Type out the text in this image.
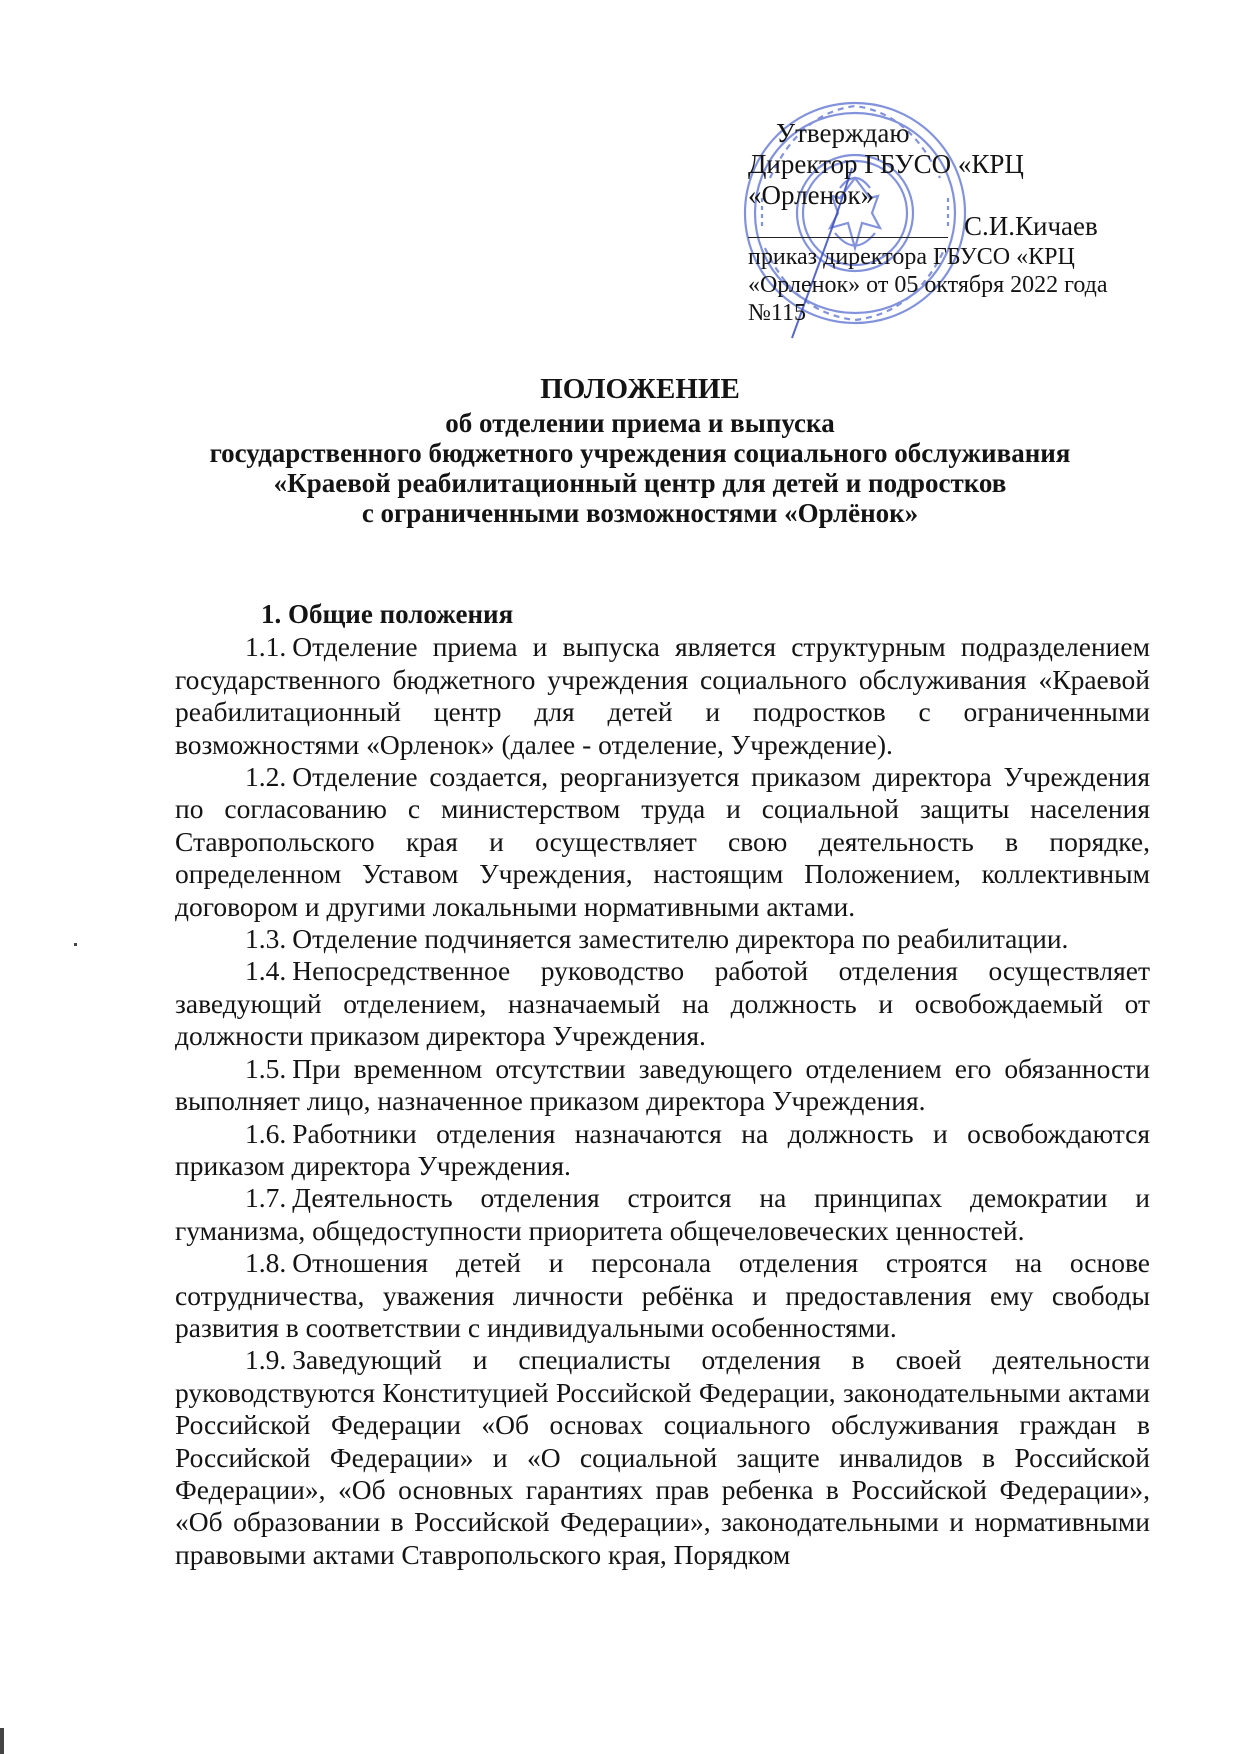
Утверждаю
Директор ГБУСО «КРЦ
«Орленок»
С.И.Кичаев
приказ директора ГБУСО «КРЦ
«Орленок» от 05 октября 2022 года
№115
ПОЛОЖЕНИЕ
об отделении приема и выпуска
государственного бюджетного учреждения социального обслуживания
«Краевой реабилитационный центр для детей и подростков
с ограниченными возможностями «Орлёнок»
1. Общие положения

1.1. Отделение приема и выпуска является структурным подразделением государственного бюджетного учреждения социального обслуживания «Краевой реабилитационный центр для детей и подростков с ограниченными возможностями «Орленок» (далее - отделение, Учреждение).

1.2. Отделение создается, реорганизуется приказом директора Учреждения по согласованию с министерством труда и социальной защиты населения Ставропольского края и осуществляет свою деятельность в порядке, определенном Уставом Учреждения, настоящим Положением, коллективным договором и другими локальными нормативными актами.

1.3. Отделение подчиняется заместителю директора по реабилитации.

1.4. Непосредственное руководство работой отделения осуществляет заведующий отделением, назначаемый на должность и освобождаемый от должности приказом директора Учреждения.

1.5. При временном отсутствии заведующего отделением его обязанности выполняет лицо, назначенное приказом директора Учреждения.

1.6. Работники отделения назначаются на должность и освобождаются приказом директора Учреждения.

1.7. Деятельность отделения строится на принципах демократии и гуманизма, общедоступности приоритета общечеловеческих ценностей.

1.8. Отношения детей и персонала отделения строятся на основе сотрудничества, уважения личности ребёнка и предоставления ему свободы развития в соответствии с индивидуальными особенностями.

1.9. Заведующий и специалисты отделения в своей деятельности руководствуются Конституцией Российской Федерации, законодательными актами Российской Федерации «Об основах социального обслуживания граждан в Российской Федерации» и «О социальной защите инвалидов в Российской Федерации», «Об основных гарантиях прав ребенка в Российской Федерации», «Об образовании в Российской Федерации», законодательными и нормативными правовыми актами Ставропольского края, Порядком
